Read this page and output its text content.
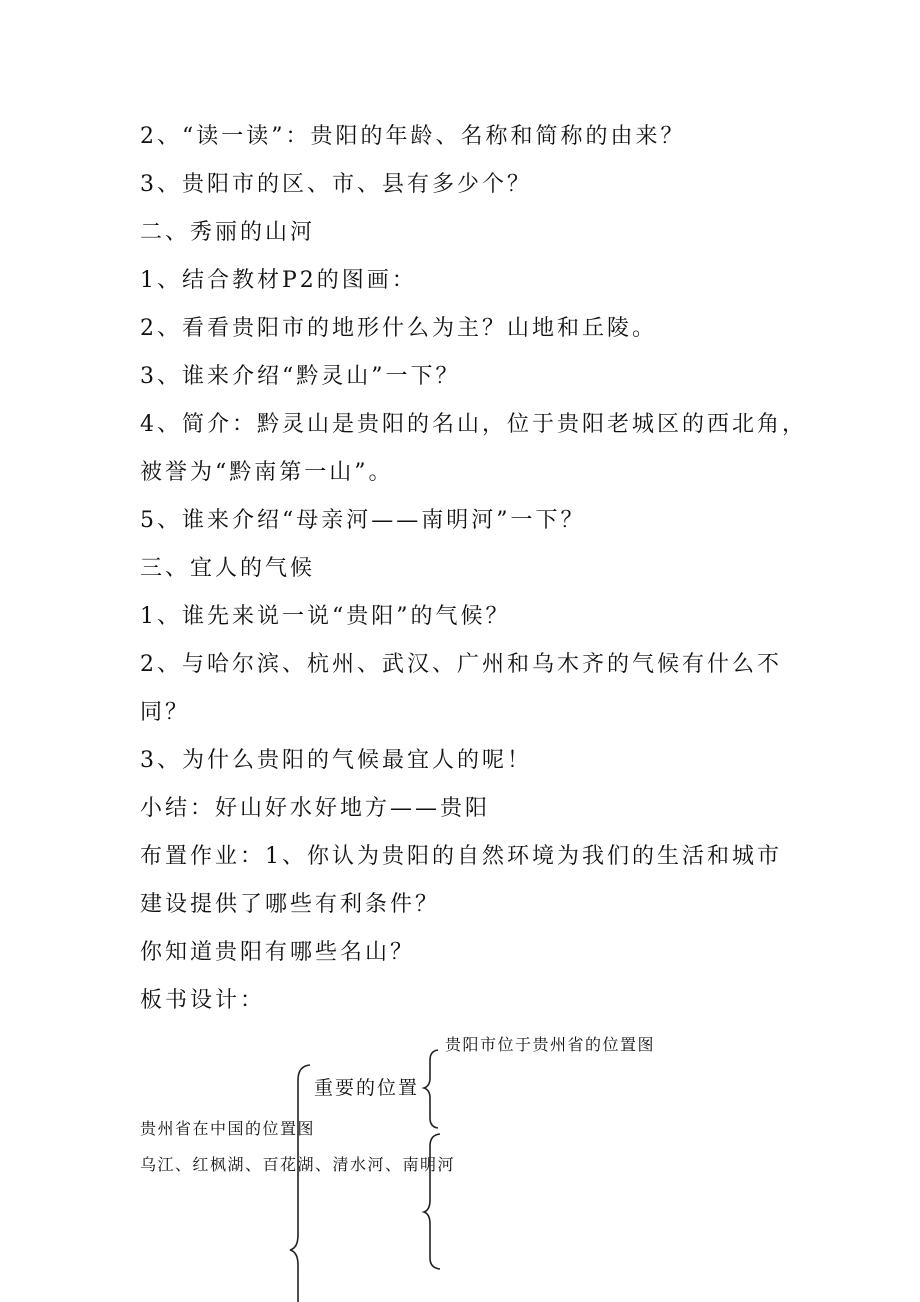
2、“读一读”：贵阳的年龄、名称和简称的由来？
3、贵阳市的区、市、县有多少个？
二、秀丽的山河
1、结合教材P2的图画：
2、看看贵阳市的地形什么为主？山地和丘陵。
3、谁来介绍“黔灵山”一下？
4、简介：黔灵山是贵阳的名山，位于贵阳老城区的西北角，
被誉为“黔南第一山”。
5、谁来介绍“母亲河——南明河”一下？
三、宜人的气候
1、谁先来说一说“贵阳”的气候？
2、与哈尔滨、杭州、武汉、广州和乌木齐的气候有什么不
同？
3、为什么贵阳的气候最宜人的呢！
小结：好山好水好地方——贵阳
布置作业：1、你认为贵阳的自然环境为我们的生活和城市
建设提供了哪些有利条件？
你知道贵阳有哪些名山？
板书设计：
贵阳市位于贵州省的位置图
重要的位置
贵州省在中国的位置图
乌江、红枫湖、百花湖、清水河、南明河
